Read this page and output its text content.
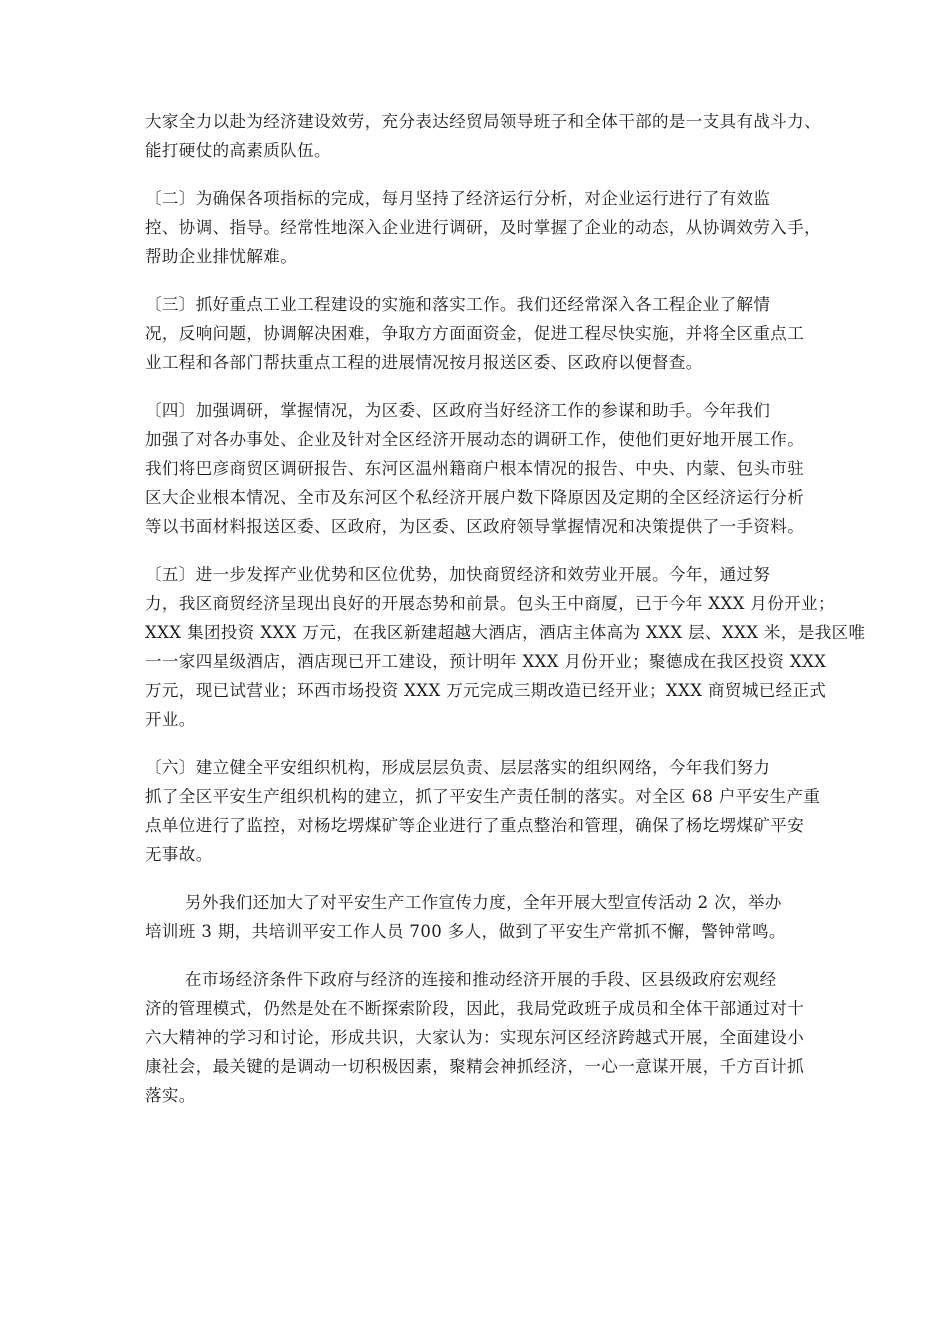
大家全力以赴为经济建设效劳，充分表达经贸局领导班子和全体干部的是一支具有战斗力、
能打硬仗的高素质队伍。

〔二〕为确保各项指标的完成，每月坚持了经济运行分析，对企业运行进行了有效监
控、协调、指导。经常性地深入企业进行调研，及时掌握了企业的动态，从协调效劳入手，
帮助企业排忧解难。

〔三〕抓好重点工业工程建设的实施和落实工作。我们还经常深入各工程企业了解情
况，反响问题，协调解决困难，争取方方面面资金，促进工程尽快实施，并将全区重点工
业工程和各部门帮扶重点工程的进展情况按月报送区委、区政府以便督查。

〔四〕加强调研，掌握情况，为区委、区政府当好经济工作的参谋和助手。今年我们
加强了对各办事处、企业及针对全区经济开展动态的调研工作，使他们更好地开展工作。
我们将巴彦商贸区调研报告、东河区温州籍商户根本情况的报告、中央、内蒙、包头市驻
区大企业根本情况、全市及东河区个私经济开展户数下降原因及定期的全区经济运行分析
等以书面材料报送区委、区政府，为区委、区政府领导掌握情况和决策提供了一手资料。

〔五〕进一步发挥产业优势和区位优势，加快商贸经济和效劳业开展。今年，通过努
力，我区商贸经济呈现出良好的开展态势和前景。包头王中商厦，已于今年 XXX 月份开业；
XXX 集团投资 XXX 万元，在我区新建超越大酒店，酒店主体高为 XXX 层、XXX 米，是我区唯
一一家四星级酒店，酒店现已开工建设，预计明年 XXX 月份开业；聚德成在我区投资 XXX
万元，现已试营业；环西市场投资 XXX 万元完成三期改造已经开业；XXX 商贸城已经正式
开业。

〔六〕建立健全平安组织机构，形成层层负责、层层落实的组织网络，今年我们努力
抓了全区平安生产组织机构的建立，抓了平安生产责任制的落实。对全区 68 户平安生产重
点单位进行了监控，对杨圪塄煤矿等企业进行了重点整治和管理，确保了杨圪塄煤矿平安
无事故。

另外我们还加大了对平安生产工作宣传力度，全年开展大型宣传活动 2 次，举办
培训班 3 期，共培训平安工作人员 700 多人，做到了平安生产常抓不懈，警钟常鸣。

在市场经济条件下政府与经济的连接和推动经济开展的手段、区县级政府宏观经
济的管理模式，仍然是处在不断探索阶段，因此，我局党政班子成员和全体干部通过对十
六大精神的学习和讨论，形成共识，大家认为：实现东河区经济跨越式开展，全面建设小
康社会，最关键的是调动一切积极因素，聚精会神抓经济，一心一意谋开展，千方百计抓
落实。
